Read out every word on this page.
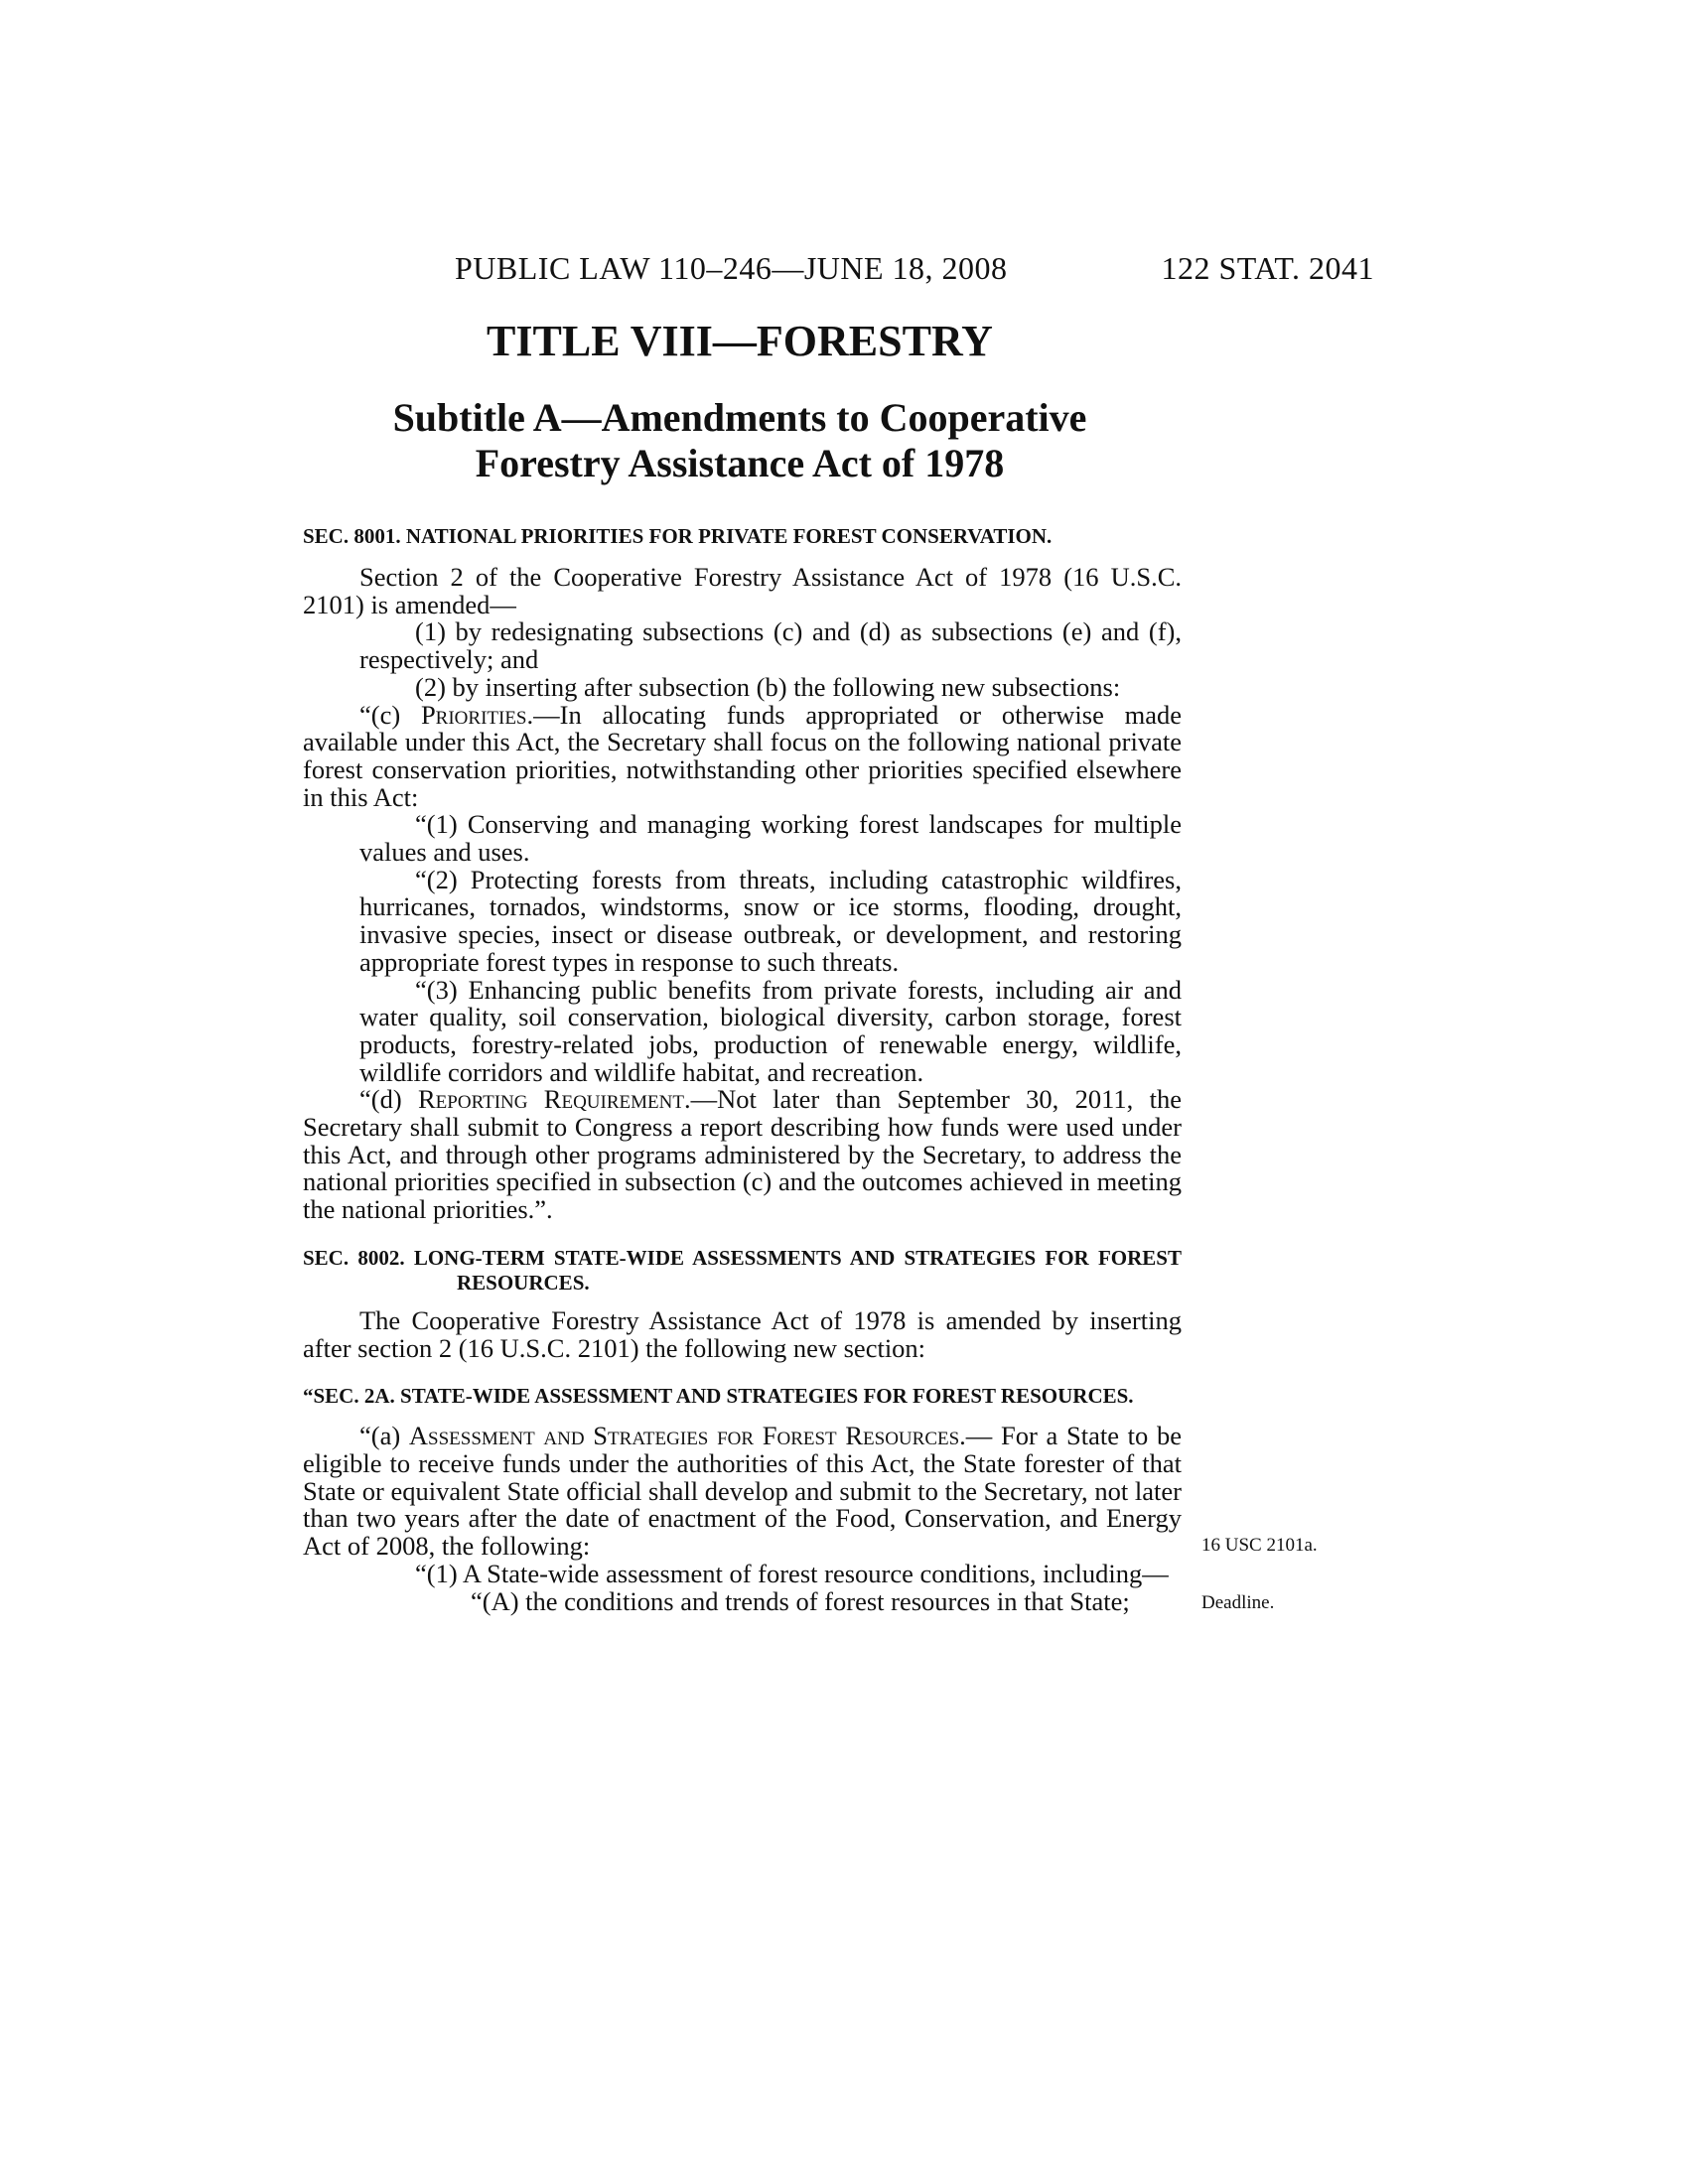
PUBLIC LAW 110–246—JUNE 18, 2008	122 STAT. 2041
TITLE VIII—FORESTRY
Subtitle A—Amendments to Cooperative
Forestry Assistance Act of 1978
SEC. 8001. NATIONAL PRIORITIES FOR PRIVATE FOREST CONSERVATION.

Section 2 of the Cooperative Forestry Assistance Act of 1978 (16 U.S.C. 2101) is amended—

(1) by redesignating subsections (c) and (d) as subsections (e) and (f), respectively; and

(2) by inserting after subsection (b) the following new subsections:

“(c) Priorities.—In allocating funds appropriated or otherwise made available under this Act, the Secretary shall focus on the following national private forest conservation priorities, notwithstanding other priorities specified elsewhere in this Act:

“(1) Conserving and managing working forest landscapes for multiple values and uses.

“(2) Protecting forests from threats, including catastrophic wildfires, hurricanes, tornados, windstorms, snow or ice storms, flooding, drought, invasive species, insect or disease outbreak, or development, and restoring appropriate forest types in response to such threats.

“(3) Enhancing public benefits from private forests, including air and water quality, soil conservation, biological diversity, carbon storage, forest products, forestry-related jobs, production of renewable energy, wildlife, wildlife corridors and wildlife habitat, and recreation.

“(d) Reporting Requirement.—Not later than September 30, 2011, the Secretary shall submit to Congress a report describing how funds were used under this Act, and through other programs administered by the Secretary, to address the national priorities specified in subsection (c) and the outcomes achieved in meeting the national priorities.”.

SEC. 8002. LONG-TERM STATE-WIDE ASSESSMENTS AND STRATEGIES FOR FOREST RESOURCES.

The Cooperative Forestry Assistance Act of 1978 is amended by inserting after section 2 (16 U.S.C. 2101) the following new section:

“SEC. 2A. STATE-WIDE ASSESSMENT AND STRATEGIES FOR FOREST RESOURCES.

“(a) Assessment and Strategies for Forest Resources.— For a State to be eligible to receive funds under the authorities of this Act, the State forester of that State or equivalent State official shall develop and submit to the Secretary, not later than two years after the date of enactment of the Food, Conservation, and Energy Act of 2008, the following:

“(1) A State-wide assessment of forest resource conditions, including—

“(A) the conditions and trends of forest resources in that State;

16 USC 2101a.
Deadline.
